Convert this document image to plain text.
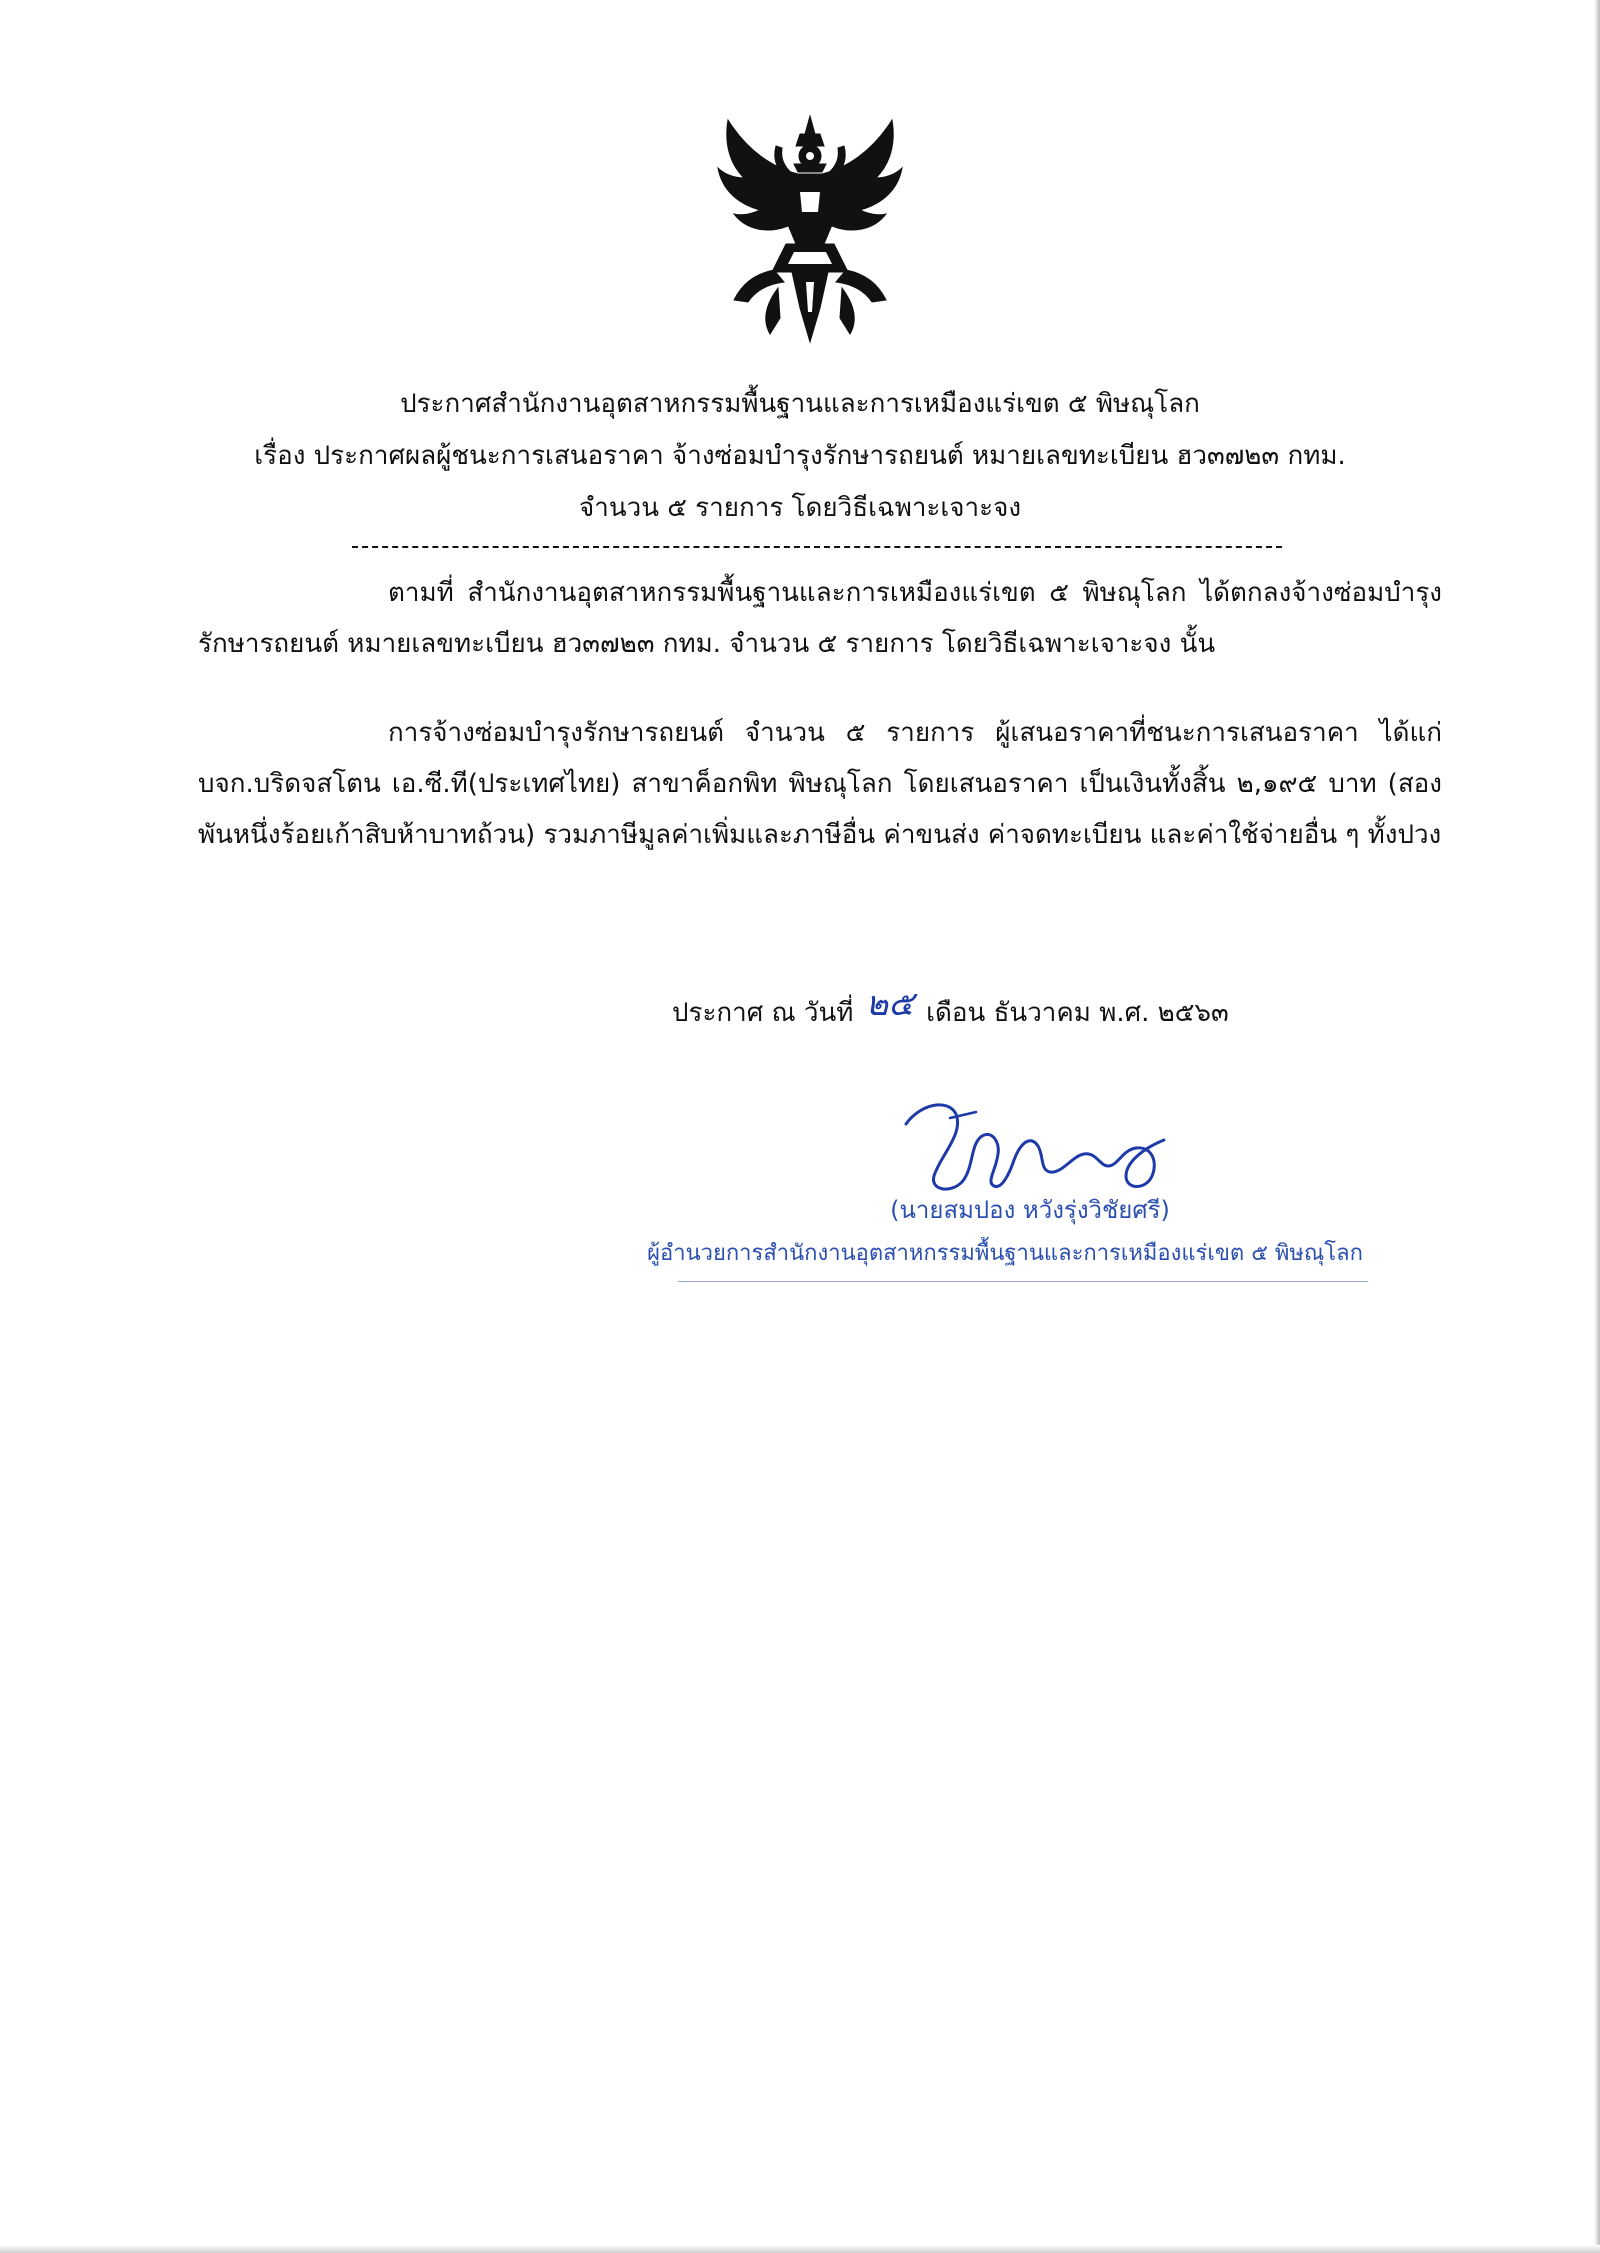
ประกาศสำนักงานอุตสาหกรรมพื้นฐานและการเหมืองแร่เขต ๕ พิษณุโลก
เรื่อง ประกาศผลผู้ชนะการเสนอราคา จ้างซ่อมบำรุงรักษารถยนต์ หมายเลขทะเบียน ฮว๓๗๒๓ กทม.
จำนวน ๕ รายการ โดยวิธีเฉพาะเจาะจง

ตามที่ สำนักงานอุตสาหกรรมพื้นฐานและการเหมืองแร่เขต ๕ พิษณุโลก ได้ตกลงจ้างซ่อมบำรุงรักษารถยนต์ หมายเลขทะเบียน ฮว๓๗๒๓ กทม. จำนวน ๕ รายการ โดยวิธีเฉพาะเจาะจง นั้น

การจ้างซ่อมบำรุงรักษารถยนต์ จำนวน ๕ รายการ ผู้เสนอราคาที่ชนะการเสนอราคา ได้แก่ บจก.บริดจสโตน เอ.ซี.ที(ประเทศไทย) สาขาค็อกพิท พิษณุโลก โดยเสนอราคา เป็นเงินทั้งสิ้น ๒,๑๙๕ บาท (สองพันหนึ่งร้อยเก้าสิบห้าบาทถ้วน) รวมภาษีมูลค่าเพิ่มและภาษีอื่น ค่าขนส่ง ค่าจดทะเบียน และค่าใช้จ่ายอื่น ๆ ทั้งปวง

ประกาศ ณ วันที่ ๒๕ เดือน ธันวาคม พ.ศ. ๒๕๖๓
(นายสมปอง หวังรุ่งวิชัยศรี)
ผู้อำนวยการสำนักงานอุตสาหกรรมพื้นฐานและการเหมืองแร่เขต ๕ พิษณุโลก
